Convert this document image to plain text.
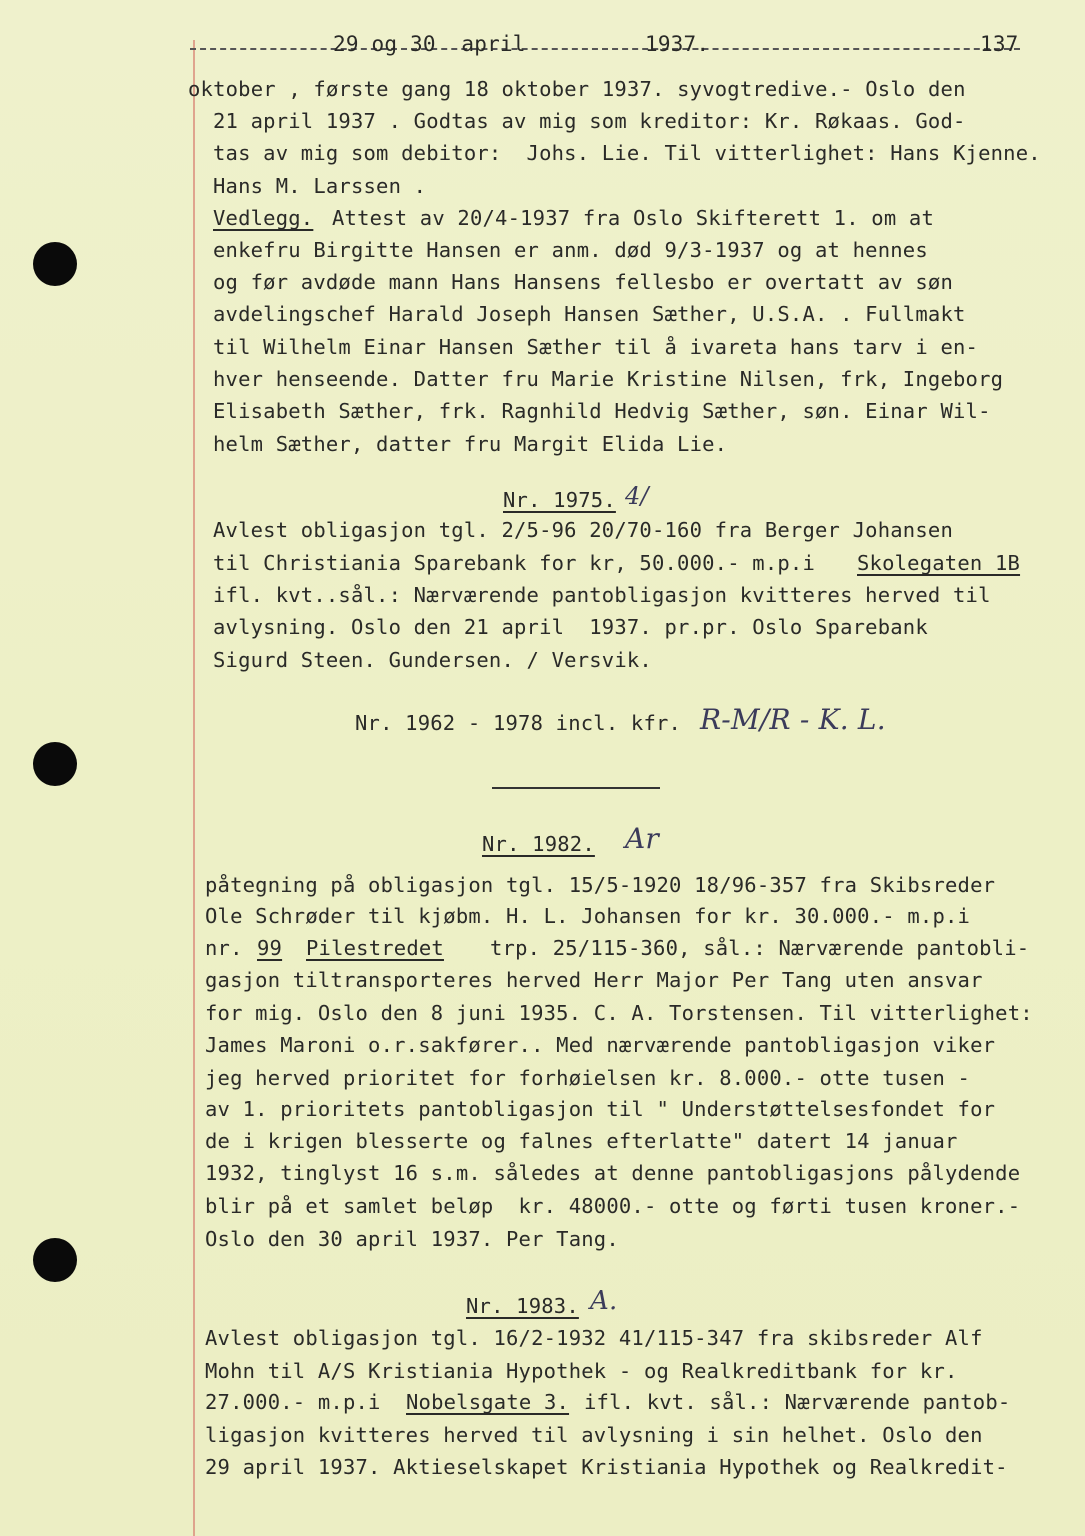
29 og 30  april	1937.	137
oktober , første gang 18 oktober 1937. syvogtredive.- Oslo den
21 april 1937 . Godtas av mig som kreditor: Kr. Røkaas. God-
tas av mig som debitor:  Johs. Lie. Til vitterlighet: Hans Kjenne.
Hans M. Larssen .
Vedlegg. Attest av 20/4-1937 fra Oslo Skifterett 1. om at
enkefru Birgitte Hansen er anm. død 9/3-1937 og at hennes
og før avdøde mann Hans Hansens fellesbo er overtatt av søn
avdelingschef Harald Joseph Hansen Sæther, U.S.A. . Fullmakt
til Wilhelm Einar Hansen Sæther til å ivareta hans tarv i en-
hver henseende. Datter fru Marie Kristine Nilsen, frk, Ingeborg
Elisabeth Sæther, frk. Ragnhild Hedvig Sæther, søn. Einar Wil-
helm Sæther, datter fru Margit Elida Lie.
Nr. 1975. 4/
Avlest obligasjon tgl. 2/5-96 20/70-160 fra Berger Johansen
til Christiania Sparebank for kr, 50.000.- m.p.i Skolegaten 1B
ifl. kvt..sål.: Nærværende pantobligasjon kvitteres herved til
avlysning. Oslo den 21 april  1937. pr.pr. Oslo Sparebank
Sigurd Steen. Gundersen. / Versvik.
Nr. 1962 - 1978 incl. kfr. R-M/R - K. L.
Nr. 1982. Ar
påtegning på obligasjon tgl. 15/5-1920 18/96-357 fra Skibsreder
Ole Schrøder til kjøbm. H. L. Johansen for kr. 30.000.- m.p.i
nr. 99 Pilestredet trp. 25/115-360, sål.: Nærværende pantobli-
gasjon tiltransporteres herved Herr Major Per Tang uten ansvar
for mig. Oslo den 8 juni 1935. C. A. Torstensen. Til vitterlighet:
James Maroni o.r.sakfører.. Med nærværende pantobligasjon viker
jeg herved prioritet for forhøielsen kr. 8.000.- otte tusen -
av 1. prioritets pantobligasjon til " Understøttelsesfondet for
de i krigen blesserte og falnes efterlatte" datert 14 januar
1932, tinglyst 16 s.m. således at denne pantobligasjons pålydende
blir på et samlet beløp  kr. 48000.- otte og førti tusen kroner.-
Oslo den 30 april 1937. Per Tang.
Nr. 1983. A.
Avlest obligasjon tgl. 16/2-1932 41/115-347 fra skibsreder Alf
Mohn til A/S Kristiania Hypothek - og Realkreditbank for kr.
27.000.- m.p.i Nobelsgate 3. ifl. kvt. sål.: Nærværende pantob-
ligasjon kvitteres herved til avlysning i sin helhet. Oslo den
29 april 1937. Aktieselskapet Kristiania Hypothek og Realkredit-
